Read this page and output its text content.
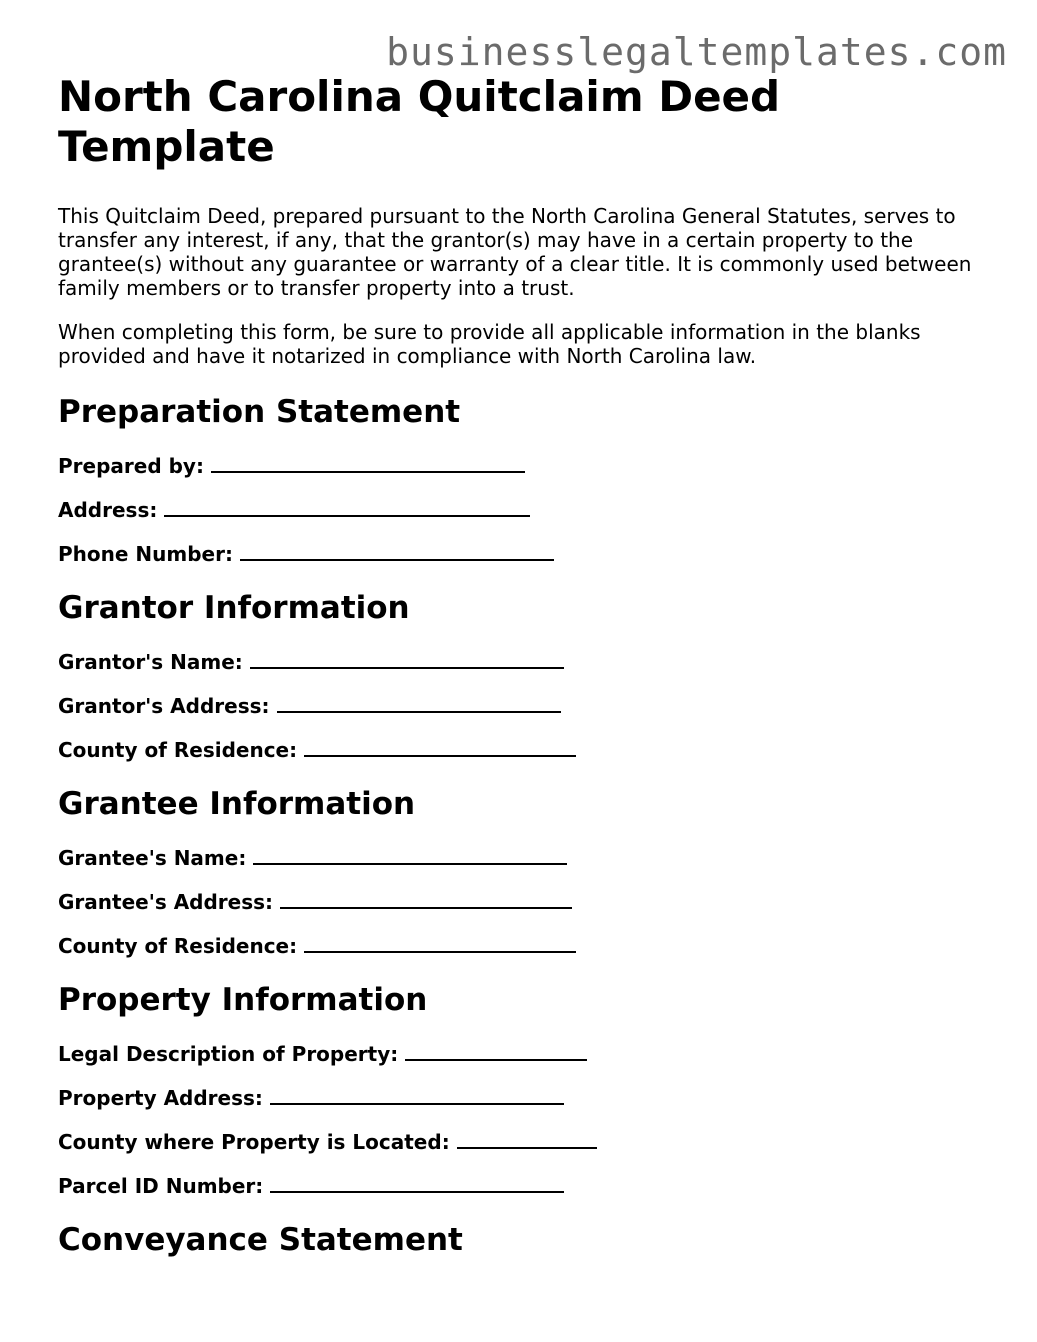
businesslegaltemplates.com
North Carolina Quitclaim Deed Template

This Quitclaim Deed, prepared pursuant to the North Carolina General Statutes, serves to transfer any interest, if any, that the grantor(s) may have in a certain property to the grantee(s) without any guarantee or warranty of a clear title. It is commonly used between family members or to transfer property into a trust.

When completing this form, be sure to provide all applicable information in the blanks provided and have it notarized in compliance with North Carolina law.

Preparation Statement
Prepared by:
Address:
Phone Number:
Grantor Information
Grantor's Name:
Grantor's Address:
County of Residence:
Grantee Information
Grantee's Name:
Grantee's Address:
County of Residence:
Property Information
Legal Description of Property:
Property Address:
County where Property is Located:
Parcel ID Number:
Conveyance Statement
